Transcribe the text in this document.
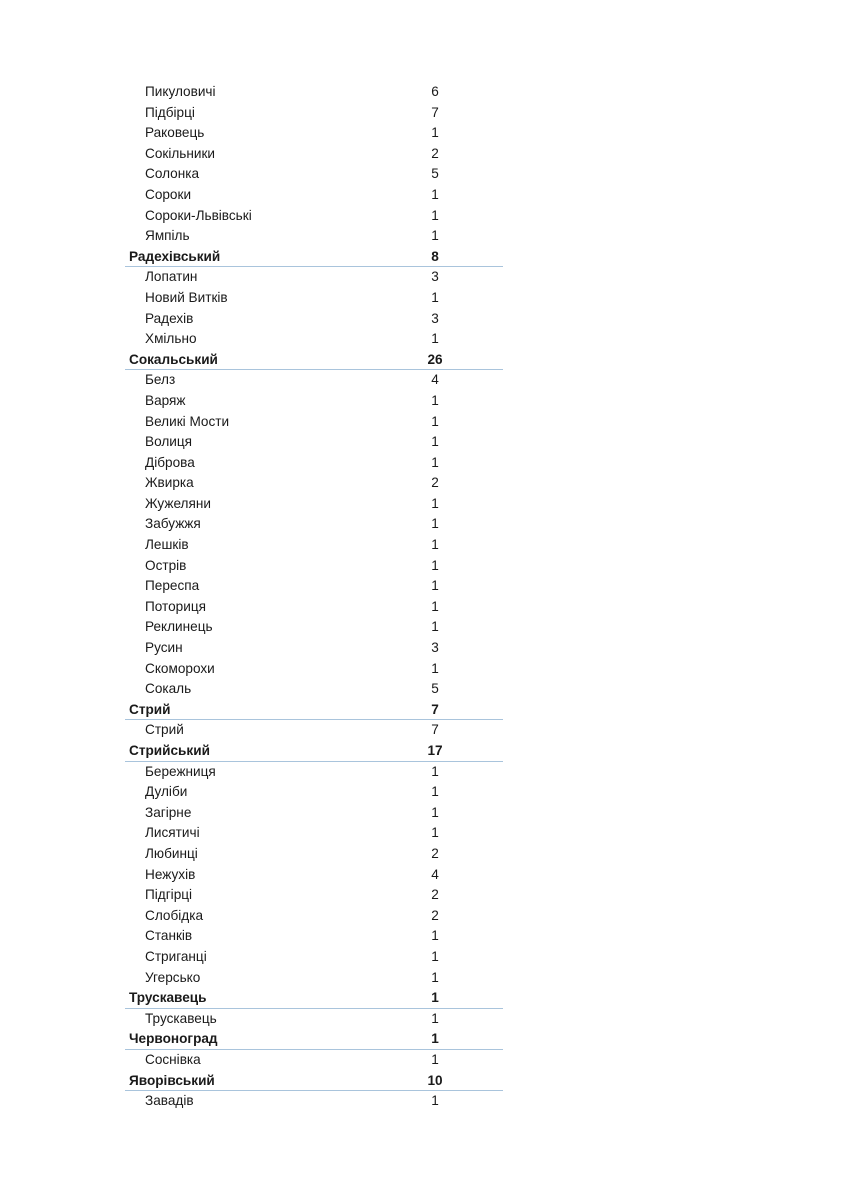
Пикуловичі	6
Підбірці	7
Раковець	1
Сокільники	2
Солонка	5
Сороки	1
Сороки-Львівські	1
Ямпіль	1
Радехівський	8
Лопатин	3
Новий Витків	1
Радехів	3
Хмільно	1
Сокальський	26
Белз	4
Варяж	1
Великі Мости	1
Волиця	1
Діброва	1
Жвирка	2
Жужеляни	1
Забужжя	1
Лешків	1
Острів	1
Переспа	1
Поториця	1
Реклинець	1
Русин	3
Скоморохи	1
Сокаль	5
Стрий	7
Стрий	7
Стрийський	17
Бережниця	1
Дуліби	1
Загірне	1
Лисятичі	1
Любинці	2
Нежухів	4
Підгірці	2
Слобідка	2
Станків	1
Стриганці	1
Угерсько	1
Трускавець	1
Трускавець	1
Червоноград	1
Соснівка	1
Яворівський	10
Завадів	1
